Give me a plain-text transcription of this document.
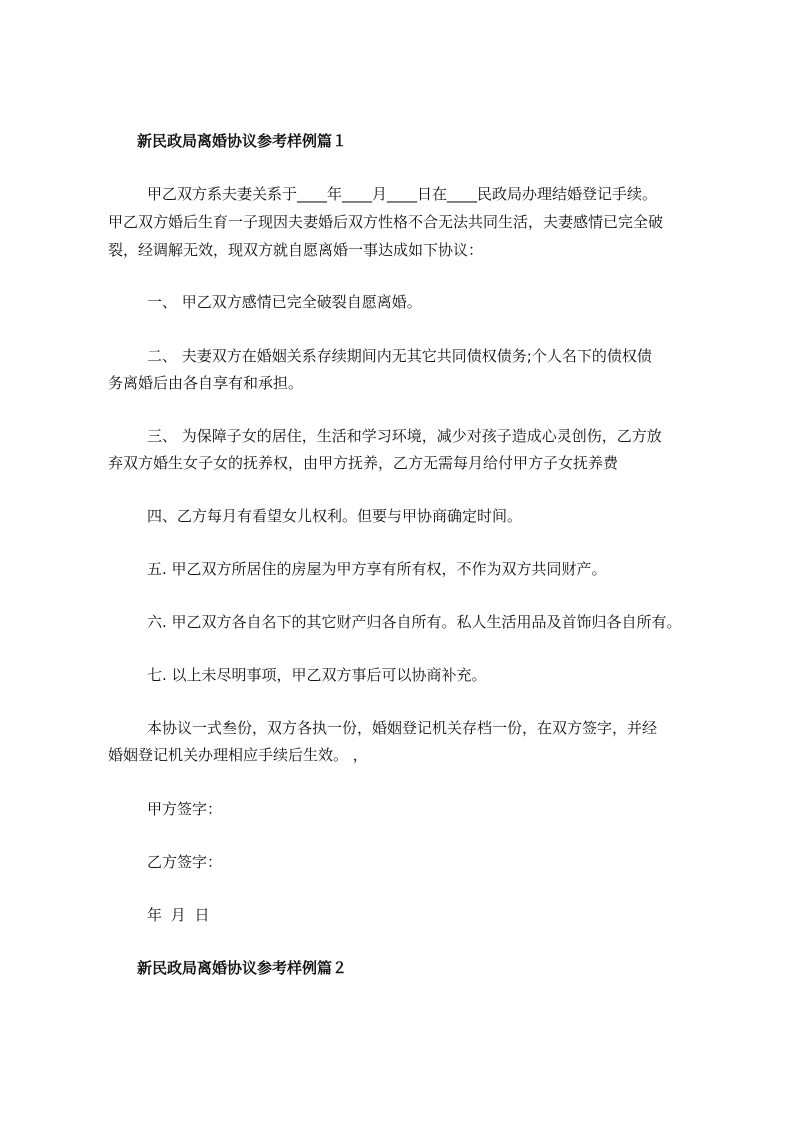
新民政局离婚协议参考样例篇１
甲乙双方系夫妻关系于____年____月____日在____民政局办理结婚登记手续。
甲乙双方婚后生育一子现因夫妻婚后双方性格不合无法共同生活，夫妻感情已完全破
裂，经调解无效，现双方就自愿离婚一事达成如下协议：
一、 甲乙双方感情已完全破裂自愿离婚。
二、 夫妻双方在婚姻关系存续期间内无其它共同债权债务;个人名下的债权债
务离婚后由各自享有和承担。
三、 为保障子女的居住，生活和学习环境，减少对孩子造成心灵创伤，乙方放
弃双方婚生女子女的抚养权，由甲方抚养，乙方无需每月给付甲方子女抚养费
四、乙方每月有看望女儿权利。但要与甲协商确定时间。
五. 甲乙双方所居住的房屋为甲方享有所有权，不作为双方共同财产。
六. 甲乙双方各自名下的其它财产归各自所有。私人生活用品及首饰归各自所有。
七. 以上未尽明事项，甲乙双方事后可以协商补充。
本协议一式叁份，双方各执一份，婚姻登记机关存档一份，在双方签字，并经
婚姻登记机关办理相应手续后生效。 ，
甲方签字：
乙方签字：
年 月 日
新民政局离婚协议参考样例篇２
